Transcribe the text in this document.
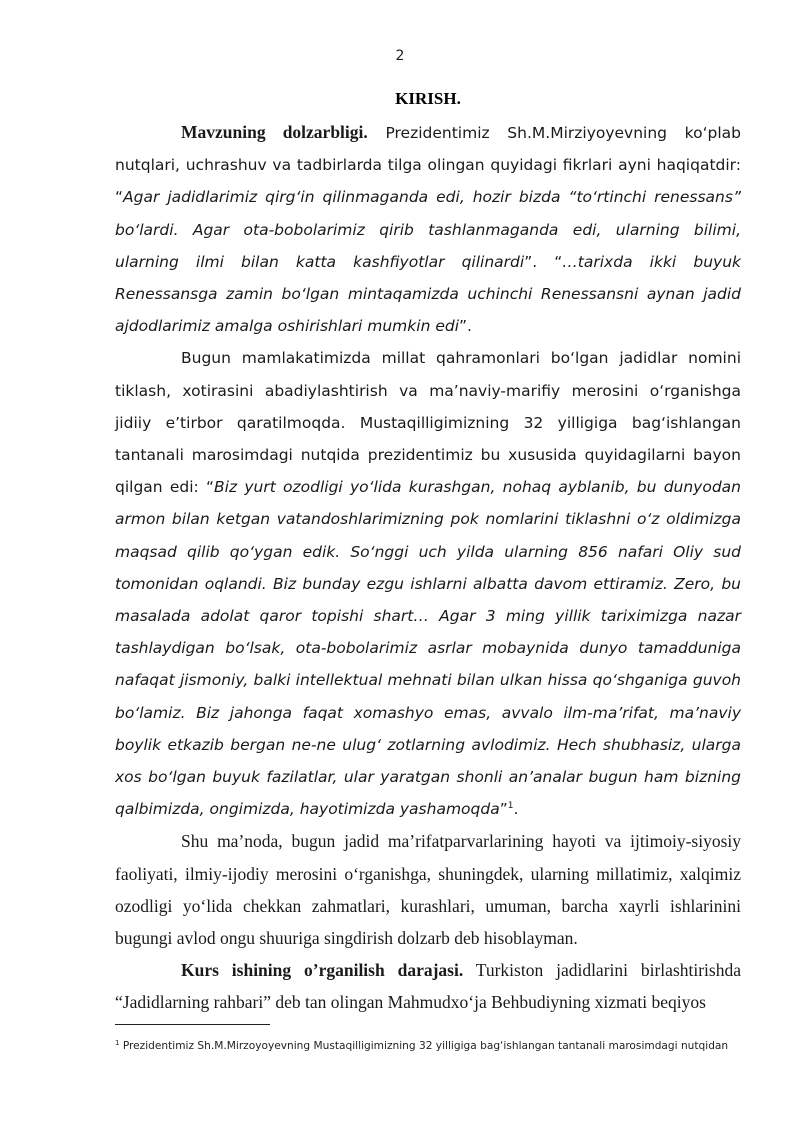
2
KIRISH.

Mavzuning dolzarbligi. Prezidentimiz Sh.M.Mirziyoyevning ko‘plab nutqlari, uchrashuv va tadbirlarda tilga olingan quyidagi fikrlari ayni haqiqatdir: “Agar jadidlarimiz qirg‘in qilinmaganda edi, hozir bizda “to‘rtinchi renessans” bo‘lardi. Agar ota-bobolarimiz qirib tashlanmaganda edi, ularning bilimi, ularning ilmi bilan katta kashfiyotlar qilinardi”. “…tarixda ikki buyuk Renessansga zamin bo‘lgan mintaqamizda uchinchi Renessansni aynan jadid ajdodlarimiz amalga oshirishlari mumkin edi”.

Bugun mamlakatimizda millat qahramonlari bo‘lgan jadidlar nomini tiklash, xotirasini abadiylashtirish va ma’naviy-marifiy merosini o‘rganishga jidiiy e’tirbor qaratilmoqda. Mustaqilligimizning 32 yilligiga bag‘ishlangan tantanali marosimdagi nutqida prezidentimiz bu xususida quyidagilarni bayon qilgan edi: “Biz yurt ozodligi yo‘lida kurashgan, nohaq ayblanib, bu dunyodan armon bilan ketgan vatandoshlarimizning pok nomlarini tiklashni o‘z oldimizga maqsad qilib qo‘ygan edik. So‘nggi uch yilda ularning 856 nafari Oliy sud tomonidan oqlandi. Biz bunday ezgu ishlarni albatta davom ettiramiz. Zero, bu masalada adolat qaror topishi shart… Agar 3 ming yillik tariximizga nazar tashlaydigan bo‘lsak, ota-bobolarimiz asrlar mobaynida dunyo tamadduniga nafaqat jismoniy, balki intellektual mehnati bilan ulkan hissa qo‘shganiga guvoh bo‘lamiz. Biz jahonga faqat xomashyo emas, avvalo ilm-ma’rifat, ma’naviy boylik etkazib bergan ne-ne ulug‘ zotlarning avlodimiz. Hech shubhasiz, ularga xos bo‘lgan buyuk fazilatlar, ular yaratgan shonli an’analar bugun ham bizning qalbimizda, ongimizda, hayotimizda yashamoqda”$^1$.

Shu ma’noda, bugun jadid ma’rifatparvarlarining hayoti va ijtimoiy-siyosiy faoliyati, ilmiy-ijodiy merosini o‘rganishga, shuningdek, ularning millatimiz, xalqimiz ozodligi yo‘lida chekkan zahmatlari, kurashlari, umuman, barcha xayrli ishlarinini bugungi avlod ongu shuuriga singdirish dolzarb deb hisoblayman.

Kurs ishining o’rganilish darajasi. Turkiston jadidlarini birlashtirishda “Jadidlarning rahbari” deb tan olingan Mahmudxo‘ja Behbudiyning xizmati beqiyos

$^1$ Prezidentimiz Sh.M.Mirzoyoyevning Mustaqilligimizning 32 yilligiga bag‘ishlangan tantanali marosimdagi nutqidan
